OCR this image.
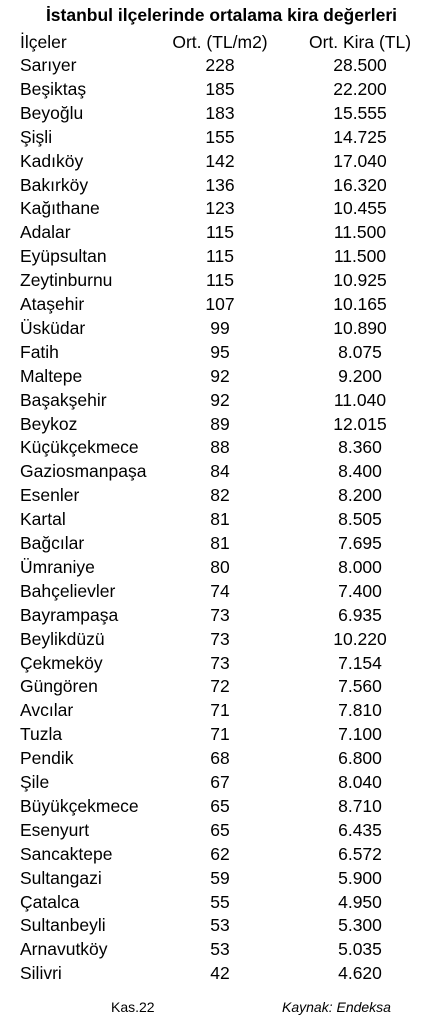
İstanbul ilçelerinde ortalama kira değerleri
İlçeler	Ort. (TL/m2)	Ort. Kira (TL)
Sarıyer	228	28.500
Beşiktaş	185	22.200
Beyoğlu	183	15.555
Şişli	155	14.725
Kadıköy	142	17.040
Bakırköy	136	16.320
Kağıthane	123	10.455
Adalar	115	11.500
Eyüpsultan	115	11.500
Zeytinburnu	115	10.925
Ataşehir	107	10.165
Üsküdar	99	10.890
Fatih	95	8.075
Maltepe	92	9.200
Başakşehir	92	11.040
Beykoz	89	12.015
Küçükçekmece	88	8.360
Gaziosmanpaşa	84	8.400
Esenler	82	8.200
Kartal	81	8.505
Bağcılar	81	7.695
Ümraniye	80	8.000
Bahçelievler	74	7.400
Bayrampaşa	73	6.935
Beylikdüzü	73	10.220
Çekmeköy	73	7.154
Güngören	72	7.560
Avcılar	71	7.810
Tuzla	71	7.100
Pendik	68	6.800
Şile	67	8.040
Büyükçekmece	65	8.710
Esenyurt	65	6.435
Sancaktepe	62	6.572
Sultangazi	59	5.900
Çatalca	55	4.950
Sultanbeyli	53	5.300
Arnavutköy	53	5.035
Silivri	42	4.620
Kas.22	Kaynak: Endeksa
